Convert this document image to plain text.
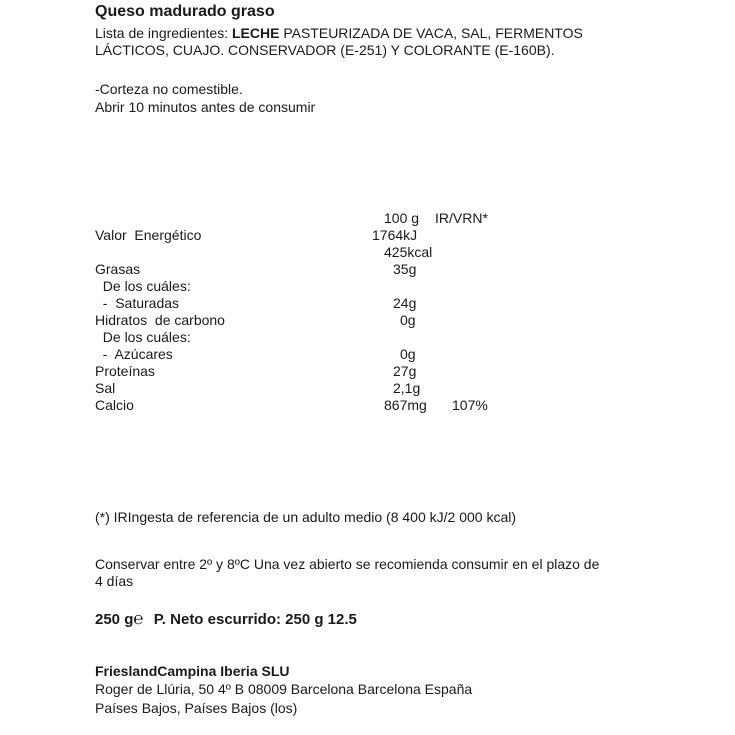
Queso madurado graso
Lista de ingredientes: LECHE PASTEURIZADA DE VACA, SAL, FERMENTOS
LÁCTICOS, CUAJO. CONSERVADOR (E-251) Y COLORANTE (E-160B).
-Corteza no comestible.
Abrir 10 minutos antes de consumir
100 g IR/VRN*
Valor  Energético	1764kJ
425kcal
Grasas	35g
De los cuáles:
-  Saturadas	24g
Hidratos  de carbono	0g
De los cuáles:
-  Azúcares	0g
Proteínas	27g
Sal	2,1g
Calcio	867mg 107%
(*) IRIngesta de referencia de un adulto medio (8 400 kJ/2 000 kcal)
Conservar entre 2º y 8ºC Una vez abierto se recomienda consumir en el plazo de
4 días
250 g℮ P. Neto escurrido: 250 g 12.5
FrieslandCampina Iberia SLU
Roger de Llúria, 50 4º B 08009 Barcelona Barcelona España
Países Bajos, Países Bajos (los)
